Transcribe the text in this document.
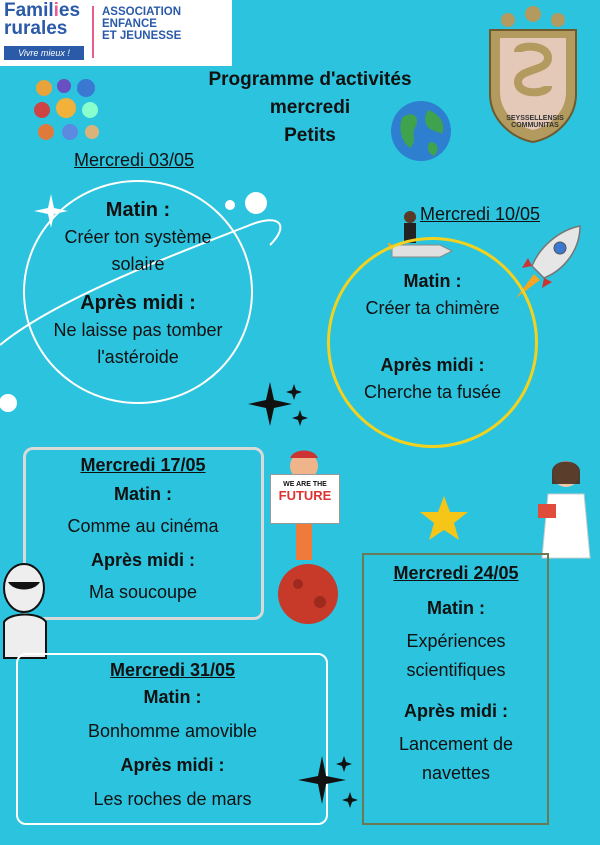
Families
rurales
Vivre mieux !
ASSOCIATION
ENFANCE
ET JEUNESSE
Programme d'activités
mercredi
Petits
SEYSSELLENSIS COMMUNITAS
Mercredi 03/05
Matin :
Créer ton système
solaire
Après midi :
Ne laisse pas tomber
l'astéroide
Mercredi 10/05
Matin :
Créer ta chimère
Après midi :
Cherche ta fusée
Mercredi 17/05
Matin :
Comme au cinéma
Après midi :
Ma soucoupe
WE ARE THE
FUTURE
Mercredi 24/05
Matin :
Expériences
scientifiques
Après midi :
Lancement de
navettes
Mercredi 31/05
Matin :
Bonhomme amovible
Après midi :
Les roches de mars
